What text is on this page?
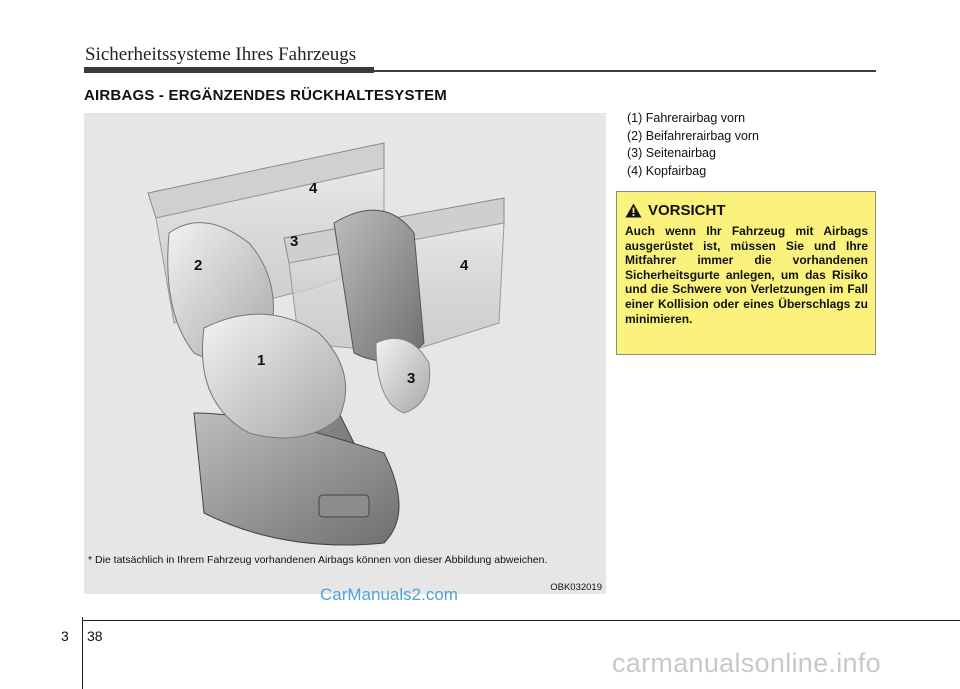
Sicherheitssysteme Ihres Fahrzeugs
AIRBAGS - ERGÄNZENDES RÜCKHALTESYSTEM
4
3
2	4
1
3
* Die tatsächlich in Ihrem Fahrzeug vorhandenen Airbags können von dieser Abbildung abweichen.
OBK032019
(1) Fahrerairbag vorn
(2) Beifahrerairbag vorn
(3) Seitenairbag
(4) Kopfairbag
VORSICHT
Auch wenn Ihr Fahrzeug mit Airbags ausgerüstet ist, müssen Sie und Ihre Mitfahrer immer die vorhandenen Sicherheitsgurte anlegen, um das Risiko und die Schwere von Verletzungen im Fall einer Kollision oder eines Überschlags zu minimieren.
CarManuals2.com
3 38
carmanualsonline.info
